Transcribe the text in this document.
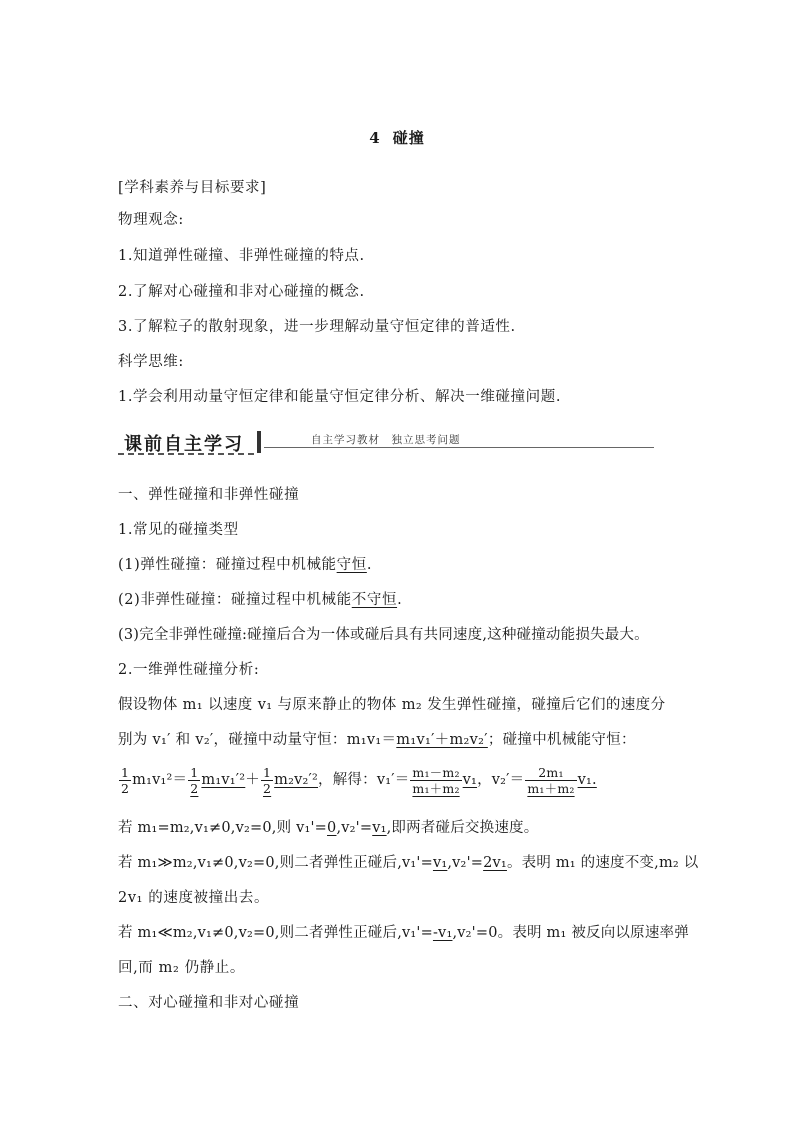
4 碰撞
[学科素养与目标要求]
物理观念:
1.知道弹性碰撞、非弹性碰撞的特点.
2.了解对心碰撞和非对心碰撞的概念.
3.了解粒子的散射现象，进一步理解动量守恒定律的普适性.
科学思维:
1.学会利用动量守恒定律和能量守恒定律分析、解决一维碰撞问题.
课前自主学习	自主学习教材　独立思考问题
一、弹性碰撞和非弹性碰撞
1.常见的碰撞类型
(1)弹性碰撞：碰撞过程中机械能守恒.
(2)非弹性碰撞：碰撞过程中机械能不守恒.
(3)完全非弹性碰撞:碰撞后合为一体或碰后具有共同速度,这种碰撞动能损失最大。
2.一维弹性碰撞分析:
假设物体 m₁ 以速度 v₁ 与原来静止的物体 m₂ 发生弹性碰撞，碰撞后它们的速度分
别为 v₁′ 和 v₂′，碰撞中动量守恒：m₁v₁＝m₁v₁′＋m₂v₂′；碰撞中机械能守恒：
$\frac{1}{2} m_1v_1^2= \frac{1}{2} m_1v_1'^2+ \frac{1}{2} m_2v_2'^2$，解得：$v_1'= \frac{\text{m₁－m₂}}{\text{m₁＋m₂}} v_1$，$v_2'= \frac{\text{2m₁}}{\text{m₁＋m₂}} v_1$.
若 m₁=m₂,v₁≠0,v₂=0,则 v₁'=0,v₂'=v₁,即两者碰后交换速度。
若 m₁≫m₂,v₁≠0,v₂=0,则二者弹性正碰后,v₁'=v₁,v₂'=2v₁。表明 m₁ 的速度不变,m₂ 以
2v₁ 的速度被撞出去。
若 m₁≪m₂,v₁≠0,v₂=0,则二者弹性正碰后,v₁'=-v₁,v₂'=0。表明 m₁ 被反向以原速率弹
回,而 m₂ 仍静止。
二、对心碰撞和非对心碰撞
